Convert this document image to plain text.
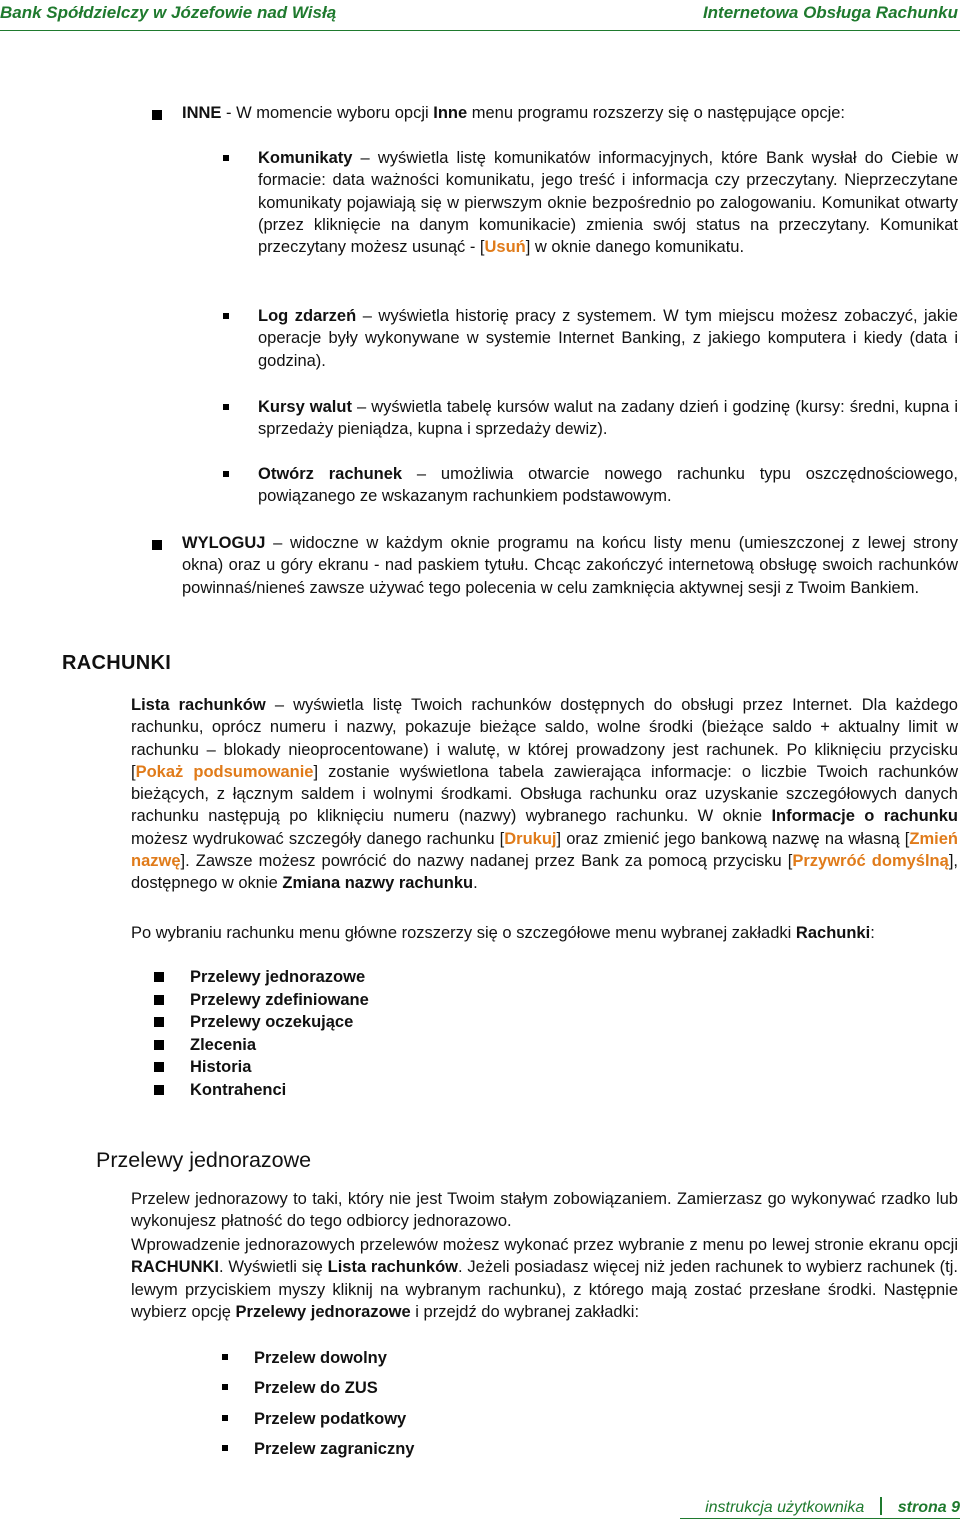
Bank Spółdzielczy w Józefowie nad Wisłą	Internetowa Obsługa Rachunku

INNE - W momencie wyboru opcji Inne menu programu rozszerzy się o następujące opcje:

Komunikaty – wyświetla listę komunikatów informacyjnych, które Bank wysłał do Ciebie w formacie: data ważności komunikatu, jego treść i informacja czy przeczytany. Nieprzeczytane komunikaty pojawiają się w pierwszym oknie bezpośrednio po zalogowaniu. Komunikat otwarty (przez kliknięcie na danym komunikacie) zmienia swój status na przeczytany. Komunikat przeczytany możesz usunąć - [Usuń] w oknie danego komunikatu.

Log zdarzeń – wyświetla historię pracy z systemem. W tym miejscu możesz zobaczyć, jakie operacje były wykonywane w systemie Internet Banking, z jakiego komputera i kiedy (data i godzina).

Kursy walut – wyświetla tabelę kursów walut na zadany dzień i godzinę (kursy: średni, kupna i sprzedaży pieniądza, kupna i sprzedaży dewiz).

Otwórz rachunek – umożliwia otwarcie nowego rachunku typu oszczędnościowego, powiązanego ze wskazanym rachunkiem podstawowym.

WYLOGUJ – widoczne w każdym oknie programu na końcu listy menu (umieszczonej z lewej strony okna) oraz u góry ekranu - nad paskiem tytułu. Chcąc zakończyć internetową obsługę swoich rachunków powinnaś/nieneś zawsze używać tego polecenia w celu zamknięcia aktywnej sesji z Twoim Bankiem.

RACHUNKI

Lista rachunków – wyświetla listę Twoich rachunków dostępnych do obsługi przez Internet. Dla każdego rachunku, oprócz numeru i nazwy, pokazuje bieżące saldo, wolne środki (bieżące saldo + aktualny limit w rachunku – blokady nieoprocentowane) i walutę, w której prowadzony jest rachunek. Po kliknięciu przycisku [Pokaż podsumowanie] zostanie wyświetlona tabela zawierająca informacje: o liczbie Twoich rachunków bieżących, z łącznym saldem i wolnymi środkami. Obsługa rachunku oraz uzyskanie szczegółowych danych rachunku następują po kliknięciu numeru (nazwy) wybranego rachunku. W oknie Informacje o rachunku możesz wydrukować szczegóły danego rachunku [Drukuj] oraz zmienić jego bankową nazwę na własną [Zmień nazwę]. Zawsze możesz powrócić do nazwy nadanej przez Bank za pomocą przycisku [Przywróć domyślną], dostępnego w oknie Zmiana nazwy rachunku.

Po wybraniu rachunku menu główne rozszerzy się o szczegółowe menu wybranej zakładki Rachunki:

Przelewy jednorazowe
Przelewy zdefiniowane
Przelewy oczekujące
Zlecenia
Historia
Kontrahenci
Przelewy jednorazowe

Przelew jednorazowy to taki, który nie jest Twoim stałym zobowiązaniem. Zamierzasz go wykonywać rzadko lub wykonujesz płatność do tego odbiorcy jednorazowo.

Wprowadzenie jednorazowych przelewów możesz wykonać przez wybranie z menu po lewej stronie ekranu opcji RACHUNKI. Wyświetli się Lista rachunków. Jeżeli posiadasz więcej niż jeden rachunek to wybierz rachunek (tj. lewym przyciskiem myszy kliknij na wybranym rachunku), z którego mają zostać przesłane środki. Następnie wybierz opcję Przelewy jednorazowe i przejdź do wybranej zakładki:

Przelew dowolny
Przelew do ZUS
Przelew podatkowy
Przelew zagraniczny
instrukcja użytkownika strona 9
